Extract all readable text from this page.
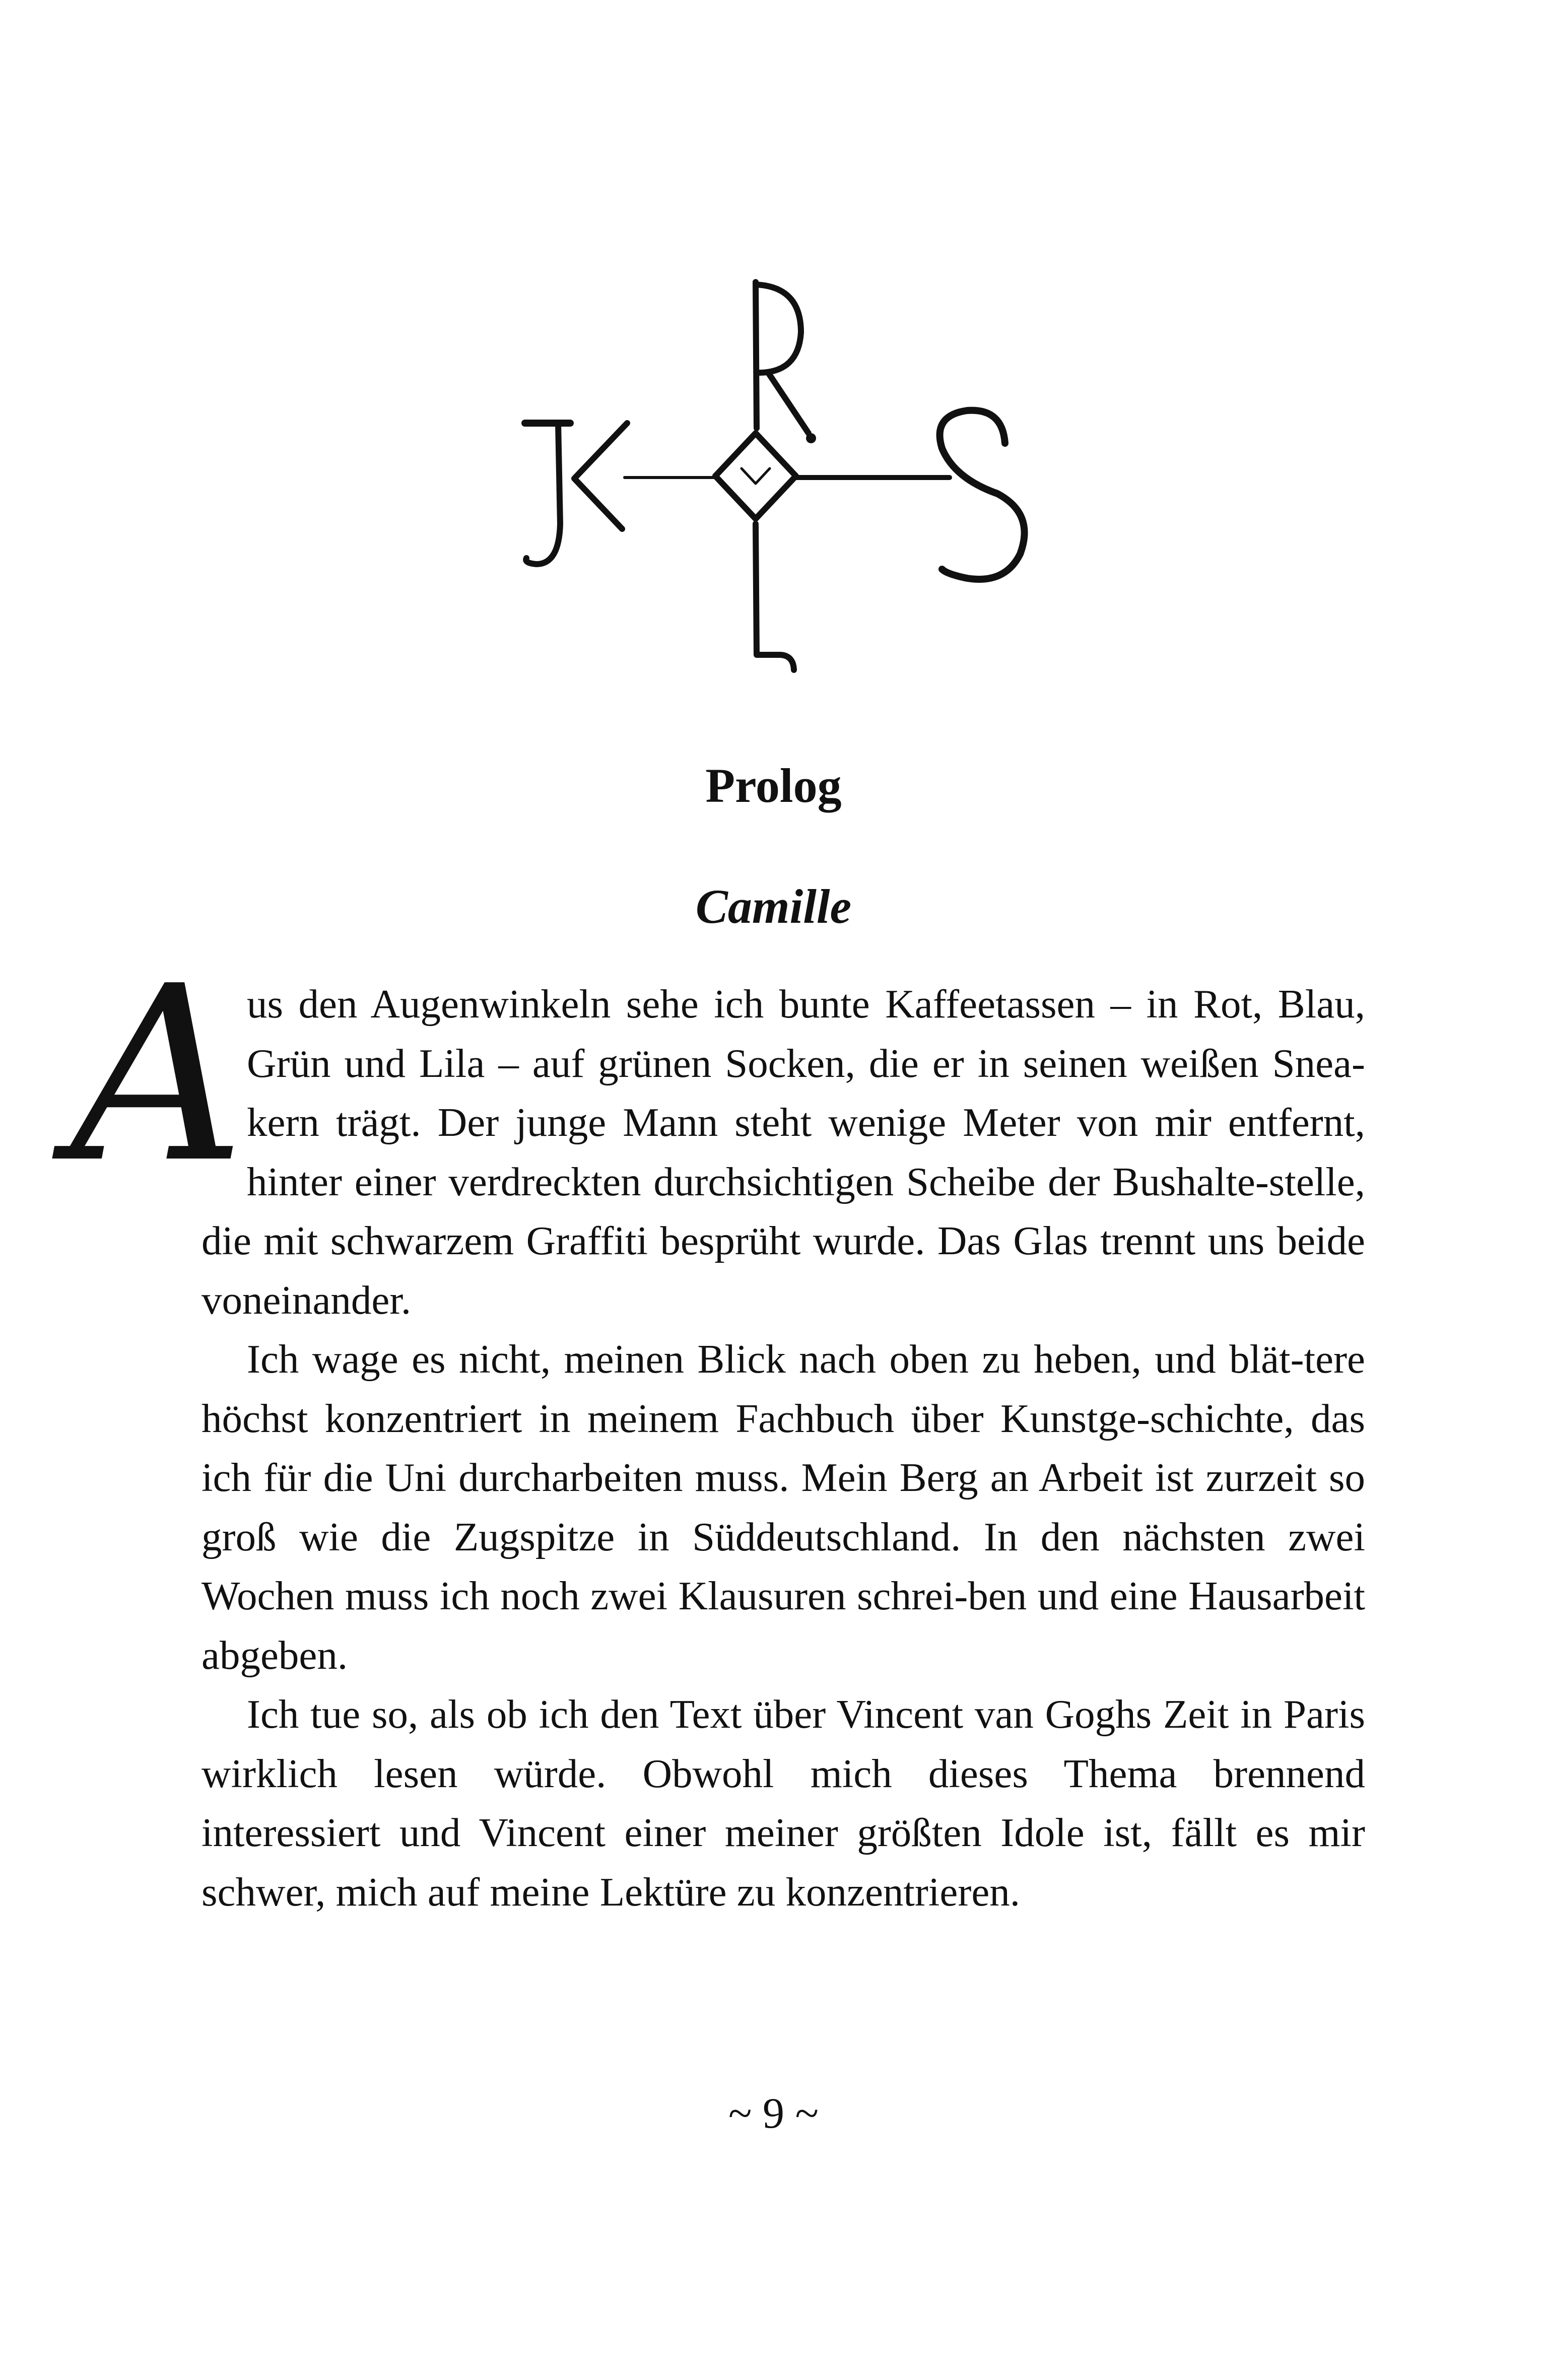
Prolog
Camille

Aus den Augenwinkeln sehe ich bunte Kaffeetassen – in Rot, Blau, Grün und Lila – auf grünen Socken, die er in seinen weißen Snea-kern trägt. Der junge Mann steht wenige Meter von mir entfernt, hinter einer verdreckten durchsichtigen Scheibe der Bushalte-stelle, die mit schwarzem Graffiti besprüht wurde. Das Glas trennt uns beide voneinander.

Ich wage es nicht, meinen Blick nach oben zu heben, und blät-tere höchst konzentriert in meinem Fachbuch über Kunstge-schichte, das ich für die Uni durcharbeiten muss. Mein Berg an Arbeit ist zurzeit so groß wie die Zugspitze in Süddeutschland. In den nächsten zwei Wochen muss ich noch zwei Klausuren schrei-ben und eine Hausarbeit abgeben.

Ich tue so, als ob ich den Text über Vincent van Goghs Zeit in Paris wirklich lesen würde. Obwohl mich dieses Thema brennend interessiert und Vincent einer meiner größten Idole ist, fällt es mir schwer, mich auf meine Lektüre zu konzentrieren.

~ 9 ~
